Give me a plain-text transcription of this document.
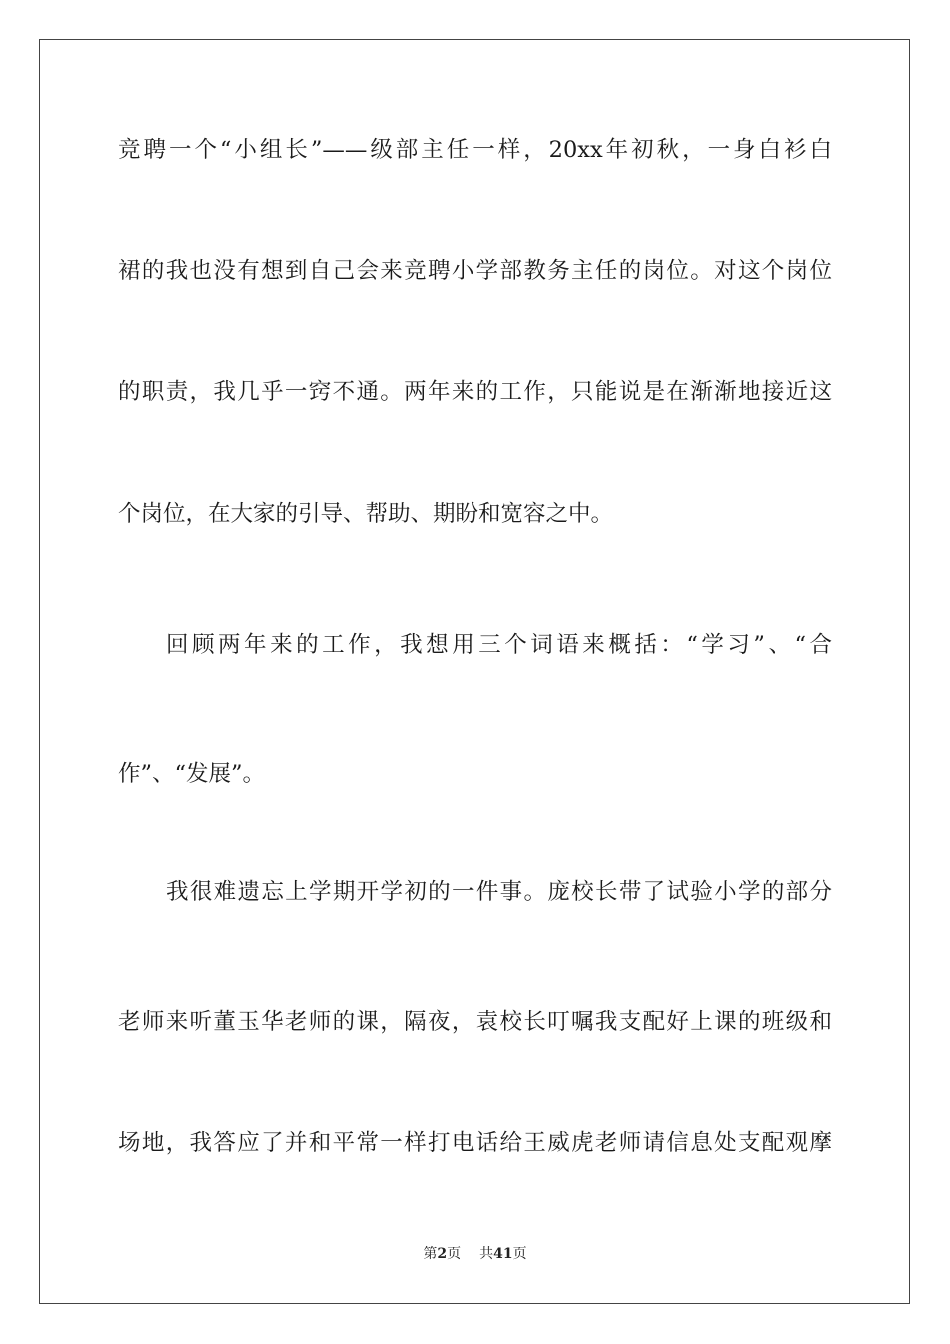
竞聘一个“小组长”——级部主任一样，20xx年初秋，一身白衫白
裙的我也没有想到自己会来竞聘小学部教务主任的岗位。对这个岗位
的职责，我几乎一窍不通。两年来的工作，只能说是在渐渐地接近这
个岗位，在大家的引导、帮助、期盼和宽容之中。
回顾两年来的工作，我想用三个词语来概括：“学习”、“合
作”、“发展”。
我很难遗忘上学期开学初的一件事。庞校长带了试验小学的部分
老师来听董玉华老师的课，隔夜，袁校长叮嘱我支配好上课的班级和
场地，我答应了并和平常一样打电话给王威虎老师请信息处支配观摩
第2页 共41页
